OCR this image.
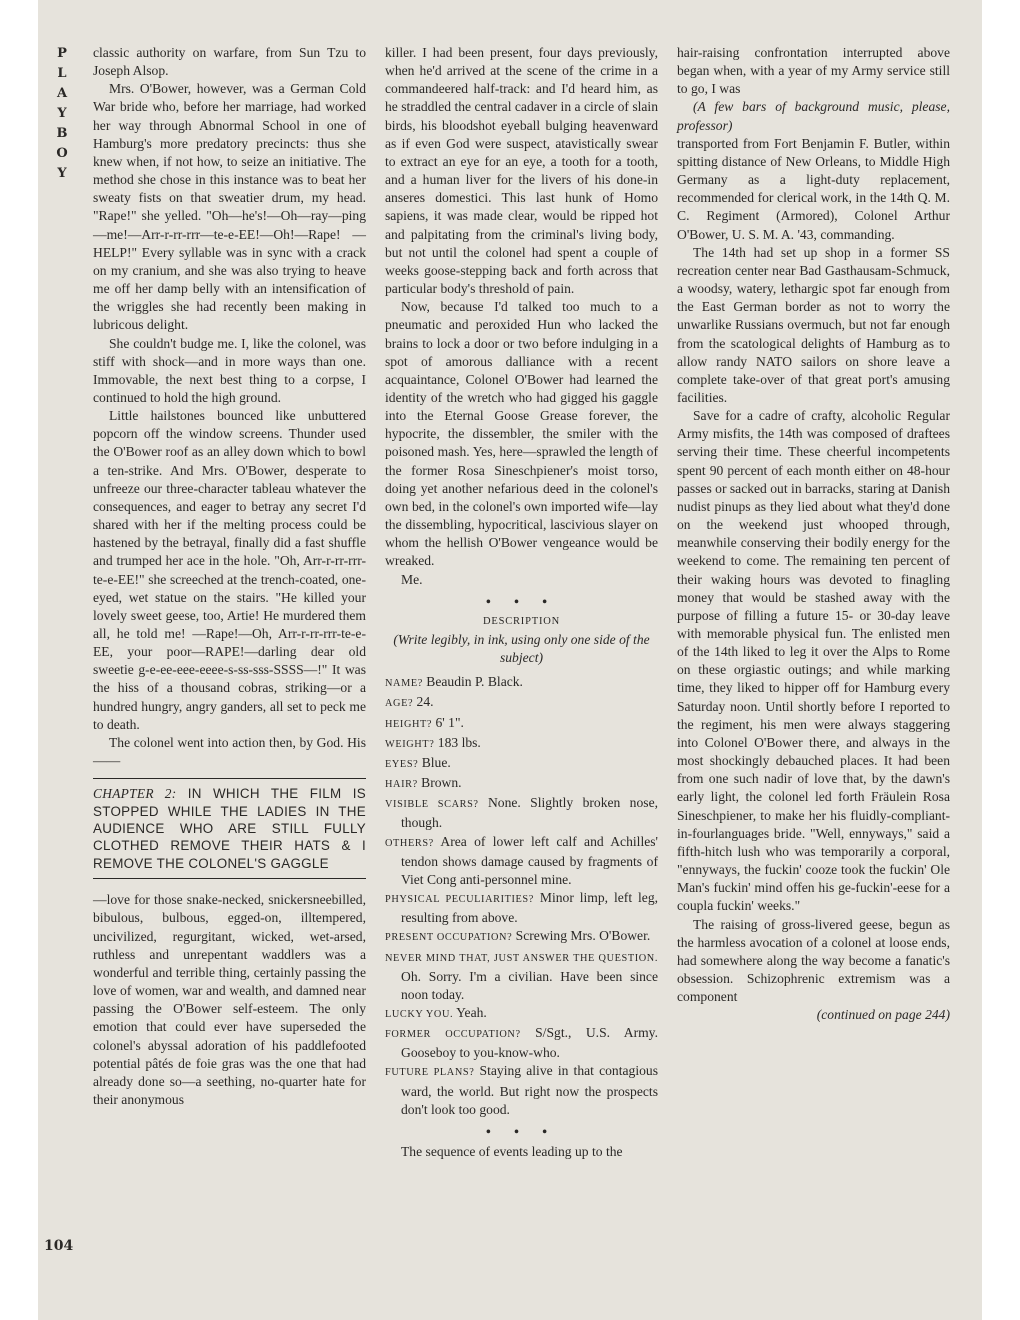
P
L
A
Y
B
O
Y
104

classic authority on warfare, from Sun Tzu to Joseph Alsop.

Mrs. O'Bower, however, was a German Cold War bride who, before her marriage, had worked her way through Abnormal School in one of Hamburg's more predatory precincts: thus she knew when, if not how, to seize an initiative. The method she chose in this instance was to beat her sweaty fists on that sweatier drum, my head. "Rape!" she yelled. "Oh—he's!—Oh—ray—ping—me!—Arr-r-rr-rrr—te-e-EE!—Oh!—Rape! —HELP!" Every syllable was in sync with a crack on my cranium, and she was also trying to heave me off her damp belly with an intensification of the wriggles she had recently been making in lubricous delight.

She couldn't budge me. I, like the colonel, was stiff with shock—and in more ways than one. Immovable, the next best thing to a corpse, I continued to hold the high ground.

Little hailstones bounced like unbuttered popcorn off the window screens. Thunder used the O'Bower roof as an alley down which to bowl a ten-strike. And Mrs. O'Bower, desperate to unfreeze our three-character tableau whatever the consequences, and eager to betray any secret I'd shared with her if the melting process could be hastened by the betrayal, finally did a fast shuffle and trumped her ace in the hole. "Oh, Arr-r-rr-rrr-te-e-EE!" she screeched at the trench-coated, one-eyed, wet statue on the stairs. "He killed your lovely sweet geese, too, Artie! He murdered them all, he told me! —Rape!—Oh, Arr-r-rr-rrr-te-e-EE, your poor—RAPE!—darling dear old sweetie g-e-ee-eee-eeee-s-ss-sss-SSSS—!" It was the hiss of a thousand cobras, striking—or a hundred hungry, angry ganders, all set to peck me to death.

The colonel went into action then, by God. His——

CHAPTER 2: IN WHICH THE FILM IS STOPPED WHILE THE LADIES IN THE AUDIENCE WHO ARE STILL FULLY CLOTHED REMOVE THEIR HATS & I REMOVE THE COLONEL'S GAGGLE

—love for those snake-necked, snickersneebilled, bibulous, bulbous, egged-on, illtempered, uncivilized, regurgitant, wicked, wet-arsed, ruthless and unrepentant waddlers was a wonderful and terrible thing, certainly passing the love of women, war and wealth, and damned near passing the O'Bower self-esteem. The only emotion that could ever have superseded the colonel's abyssal adoration of his paddlefooted potential pâtés de foie gras was the one that had already done so—a seething, no-quarter hate for their anonymous

killer. I had been present, four days previously, when he'd arrived at the scene of the crime in a commandeered half-track: and I'd heard him, as he straddled the central cadaver in a circle of slain birds, his bloodshot eyeball bulging heavenward as if even God were suspect, atavistically swear to extract an eye for an eye, a tooth for a tooth, and a human liver for the livers of his done-in anseres domestici. This last hunk of Homo sapiens, it was made clear, would be ripped hot and palpitating from the criminal's living body, but not until the colonel had spent a couple of weeks goose-stepping back and forth across that particular body's threshold of pain.

Now, because I'd talked too much to a pneumatic and peroxided Hun who lacked the brains to lock a door or two before indulging in a spot of amorous dalliance with a recent acquaintance, Colonel O'Bower had learned the identity of the wretch who had gigged his gaggle into the Eternal Goose Grease forever, the hypocrite, the dissembler, the smiler with the poisoned mash. Yes, here—sprawled the length of the former Rosa Sineschpiener's moist torso, doing yet another nefarious deed in the colonel's own bed, in the colonel's own imported wife—lay the dissembling, hypocritical, lascivious slayer on whom the hellish O'Bower vengeance would be wreaked.

Me.

• • •
DESCRIPTION
(Write legibly, in ink, using only one side of the subject)

NAME? Beaudin P. Black.

AGE? 24.

HEIGHT? 6' 1".

WEIGHT? 183 lbs.

EYES? Blue.

HAIR? Brown.

VISIBLE SCARS? None. Slightly broken nose, though.

OTHERS? Area of lower left calf and Achilles' tendon shows damage caused by fragments of Viet Cong anti-personnel mine.

PHYSICAL PECULIARITIES? Minor limp, left leg, resulting from above.

PRESENT OCCUPATION? Screwing Mrs. O'Bower.

NEVER MIND THAT, JUST ANSWER THE QUESTION. Oh. Sorry. I'm a civilian. Have been since noon today.

LUCKY YOU. Yeah.

FORMER OCCUPATION? S/Sgt., U.S. Army. Gooseboy to you-know-who.

FUTURE PLANS? Staying alive in that contagious ward, the world. But right now the prospects don't look too good.

• • •

The sequence of events leading up to the

hair-raising confrontation interrupted above began when, with a year of my Army service still to go, I was

(A few bars of background music, please, professor)

transported from Fort Benjamin F. Butler, within spitting distance of New Orleans, to Middle High Germany as a light-duty replacement, recommended for clerical work, in the 14th Q. M. C. Regiment (Armored), Colonel Arthur O'Bower, U. S. M. A. '43, commanding.

The 14th had set up shop in a former SS recreation center near Bad Gasthausam-Schmuck, a woodsy, watery, lethargic spot far enough from the East German border as not to worry the unwarlike Russians overmuch, but not far enough from the scatological delights of Hamburg as to allow randy NATO sailors on shore leave a complete take-over of that great port's amusing facilities.

Save for a cadre of crafty, alcoholic Regular Army misfits, the 14th was composed of draftees serving their time. These cheerful incompetents spent 90 percent of each month either on 48-hour passes or sacked out in barracks, staring at Danish nudist pinups as they lied about what they'd done on the weekend just whooped through, meanwhile conserving their bodily energy for the weekend to come. The remaining ten percent of their waking hours was devoted to finagling money that would be stashed away with the purpose of filling a future 15- or 30-day leave with memorable physical fun. The enlisted men of the 14th liked to leg it over the Alps to Rome on these orgiastic outings; and while marking time, they liked to hipper off for Hamburg every Saturday noon. Until shortly before I reported to the regiment, his men were always staggering into Colonel O'Bower there, and always in the most shockingly debauched places. It had been from one such nadir of love that, by the dawn's early light, the colonel led forth Fräulein Rosa Sineschpiener, to make her his fluidly-compliant-in-fourlanguages bride. "Well, ennyways," said a fifth-hitch lush who was temporarily a corporal, "ennyways, the fuckin' cooze took the fuckin' Ole Man's fuckin' mind offen his ge-fuckin'-eese for a coupla fuckin' weeks."

The raising of gross-livered geese, begun as the harmless avocation of a colonel at loose ends, had somewhere along the way become a fanatic's obsession. Schizophrenic extremism was a component

(continued on page 244)
